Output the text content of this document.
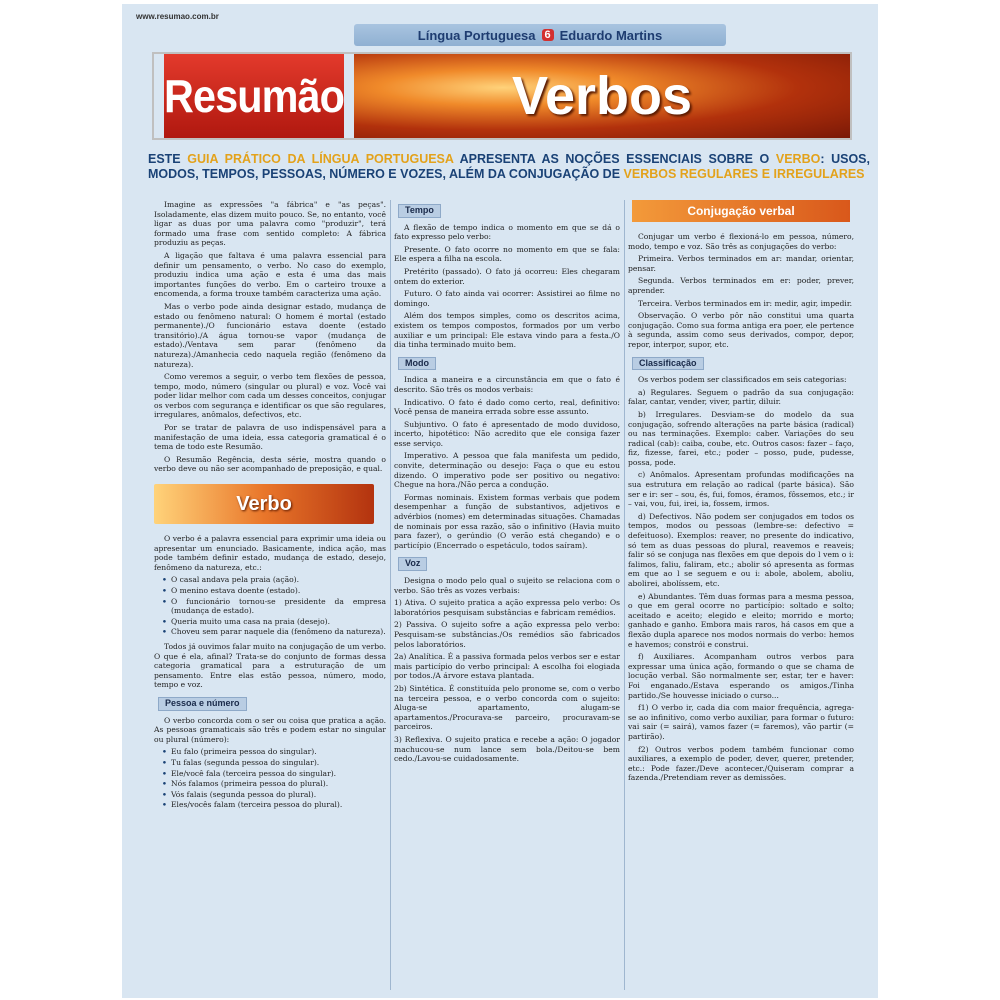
www.resumao.com.br
Língua Portuguesa 6 Eduardo Martins
Resumão	Verbos
ESTE GUIA PRÁTICO DA LÍNGUA PORTUGUESA APRESENTA AS NOÇÕES ESSENCIAIS SOBRE O VERBO: USOS, MODOS, TEMPOS, PESSOAS, NÚMERO E VOZES, ALÉM DA CONJUGAÇÃO DE VERBOS REGULARES E IRREGULARES

Imagine as expressões "a fábrica" e "as peças". Isoladamente, elas dizem muito pouco. Se, no entanto, você ligar as duas por uma palavra como "produzir", terá formado uma frase com sentido completo: A fábrica produziu as peças.

A ligação que faltava é uma palavra essencial para definir um pensamento, o verbo. No caso do exemplo, produziu indica uma ação e esta é uma das mais importantes funções do verbo. Em o carteiro trouxe a encomenda, a forma trouxe também caracteriza uma ação.

Mas o verbo pode ainda designar estado, mudança de estado ou fenômeno natural: O homem é mortal (estado permanente)./O funcionário estava doente (estado transitório)./A água tornou-se vapor (mudança de estado)./Ventava sem parar (fenômeno da natureza)./Amanhecia cedo naquela região (fenômeno da natureza).

Como veremos a seguir, o verbo tem flexões de pessoa, tempo, modo, número (singular ou plural) e voz. Você vai poder lidar melhor com cada um desses conceitos, conjugar os verbos com segurança e identificar os que são regulares, irregulares, anômalos, defectivos, etc.

Por se tratar de palavra de uso indispensável para a manifestação de uma ideia, essa categoria gramatical é o tema de todo este Resumão.

O Resumão Regência, desta série, mostra quando o verbo deve ou não ser acompanhado de preposição, e qual.

Verbo

O verbo é a palavra essencial para exprimir uma ideia ou apresentar um enunciado. Basicamente, indica ação, mas pode também definir estado, mudança de estado, desejo, fenômeno da natureza, etc.:

• O casal andava pela praia (ação).
• O menino estava doente (estado).
• O funcionário tornou-se presidente da empresa (mudança de estado).
• Queria muito uma casa na praia (desejo).
• Choveu sem parar naquele dia (fenômeno da natureza).

Todos já ouvimos falar muito na conjugação de um verbo. O que é ela, afinal? Trata-se do conjunto de formas dessa categoria gramatical para a estruturação de um pensamento. Entre elas estão pessoa, número, modo, tempo e voz.

Pessoa e número

O verbo concorda com o ser ou coisa que pratica a ação. As pessoas gramaticais são três e podem estar no singular ou plural (número):

• Eu falo (primeira pessoa do singular).
• Tu falas (segunda pessoa do singular).
• Ele/você fala (terceira pessoa do singular).
• Nós falamos (primeira pessoa do plural).
• Vós falais (segunda pessoa do plural).
• Eles/vocês falam (terceira pessoa do plural).
Tempo

A flexão de tempo indica o momento em que se dá o fato expresso pelo verbo:

Presente. O fato ocorre no momento em que se fala: Ele espera a filha na escola.

Pretérito (passado). O fato já ocorreu: Eles chegaram ontem do exterior.

Futuro. O fato ainda vai ocorrer: Assistirei ao filme no domingo.

Além dos tempos simples, como os descritos acima, existem os tempos compostos, formados por um verbo auxiliar e um principal: Ele estava vindo para a festa./O dia tinha terminado muito bem.

Modo

Indica a maneira e a circunstância em que o fato é descrito. São três os modos verbais:

Indicativo. O fato é dado como certo, real, definitivo: Você pensa de maneira errada sobre esse assunto.

Subjuntivo. O fato é apresentado de modo duvidoso, incerto, hipotético: Não acredito que ele consiga fazer esse serviço.

Imperativo. A pessoa que fala manifesta um pedido, convite, determinação ou desejo: Faça o que eu estou dizendo. O imperativo pode ser positivo ou negativo: Chegue na hora./Não perca a condução.

Formas nominais. Existem formas verbais que podem desempenhar a função de substantivos, adjetivos e advérbios (nomes) em determinadas situações. Chamadas de nominais por essa razão, são o infinitivo (Havia muito para fazer), o gerúndio (O verão está chegando) e o particípio (Encerrado o espetáculo, todos saíram).

Voz

Designa o modo pelo qual o sujeito se relaciona com o verbo. São três as vozes verbais:

1) Ativa. O sujeito pratica a ação expressa pelo verbo: Os laboratórios pesquisam substâncias e fabricam remédios.

2) Passiva. O sujeito sofre a ação expressa pelo verbo: Pesquisam-se substâncias./Os remédios são fabricados pelos laboratórios.

2a) Analítica. É a passiva formada pelos verbos ser e estar mais particípio do verbo principal: A escolha foi elogiada por todos./A árvore estava plantada.

2b) Sintética. É constituída pelo pronome se, com o verbo na terceira pessoa, e o verbo concorda com o sujeito: Aluga-se apartamento, alugam-se apartamentos./Procurava-se parceiro, procuravam-se parceiros.

3) Reflexiva. O sujeito pratica e recebe a ação: O jogador machucou-se num lance sem bola./Deitou-se bem cedo./Lavou-se cuidadosamente.

Conjugação verbal

Conjugar um verbo é flexioná-lo em pessoa, número, modo, tempo e voz. São três as conjugações do verbo:

Primeira. Verbos terminados em ar: mandar, orientar, pensar.

Segunda. Verbos terminados em er: poder, prever, aprender.

Terceira. Verbos terminados em ir: medir, agir, impedir.

Observação. O verbo pôr não constitui uma quarta conjugação. Como sua forma antiga era poer, ele pertence à segunda, assim como seus derivados, compor, depor, repor, interpor, supor, etc.

Classificação

Os verbos podem ser classificados em seis categorias:

a) Regulares. Seguem o padrão da sua conjugação: falar, cantar, vender, viver, partir, diluir.

b) Irregulares. Desviam-se do modelo da sua conjugação, sofrendo alterações na parte básica (radical) ou nas terminações. Exemplo: caber. Variações do seu radical (cab): caiba, coube, etc. Outros casos: fazer – faço, fiz, fizesse, farei, etc.; poder – posso, pude, pudesse, possa, pode.

c) Anômalos. Apresentam profundas modificações na sua estrutura em relação ao radical (parte básica). São ser e ir: ser – sou, és, fui, fomos, éramos, fôssemos, etc.; ir – vai, vou, fui, irei, ia, fossem, irmos.

d) Defectivos. Não podem ser conjugados em todos os tempos, modos ou pessoas (lembre-se: defectivo = defeituoso). Exemplos: reaver, no presente do indicativo, só tem as duas pessoas do plural, reavemos e reaveis; falir só se conjuga nas flexões em que depois do l vem o i: falimos, faliu, faliram, etc.; abolir só apresenta as formas em que ao l se seguem e ou i: abole, abolem, aboliu, abolirei, abolíssem, etc.

e) Abundantes. Têm duas formas para a mesma pessoa, o que em geral ocorre no particípio: soltado e solto; aceitado e aceito; elegido e eleito; morrido e morto; ganhado e ganho. Embora mais raros, há casos em que a flexão dupla aparece nos modos normais do verbo: hemos e havemos; constrói e construi.

f) Auxiliares. Acompanham outros verbos para expressar uma única ação, formando o que se chama de locução verbal. São normalmente ser, estar, ter e haver: Foi enganado./Estava esperando os amigos./Tinha partido./Se houvesse iniciado o curso...

f1) O verbo ir, cada dia com maior frequência, agrega-se ao infinitivo, como verbo auxiliar, para formar o futuro: vai sair (= sairá), vamos fazer (= faremos), vão partir (= partirão).

f2) Outros verbos podem também funcionar como auxiliares, a exemplo de poder, dever, querer, pretender, etc.: Pode fazer./Deve acontecer./Quiseram comprar a fazenda./Pretendiam rever as demissões.
